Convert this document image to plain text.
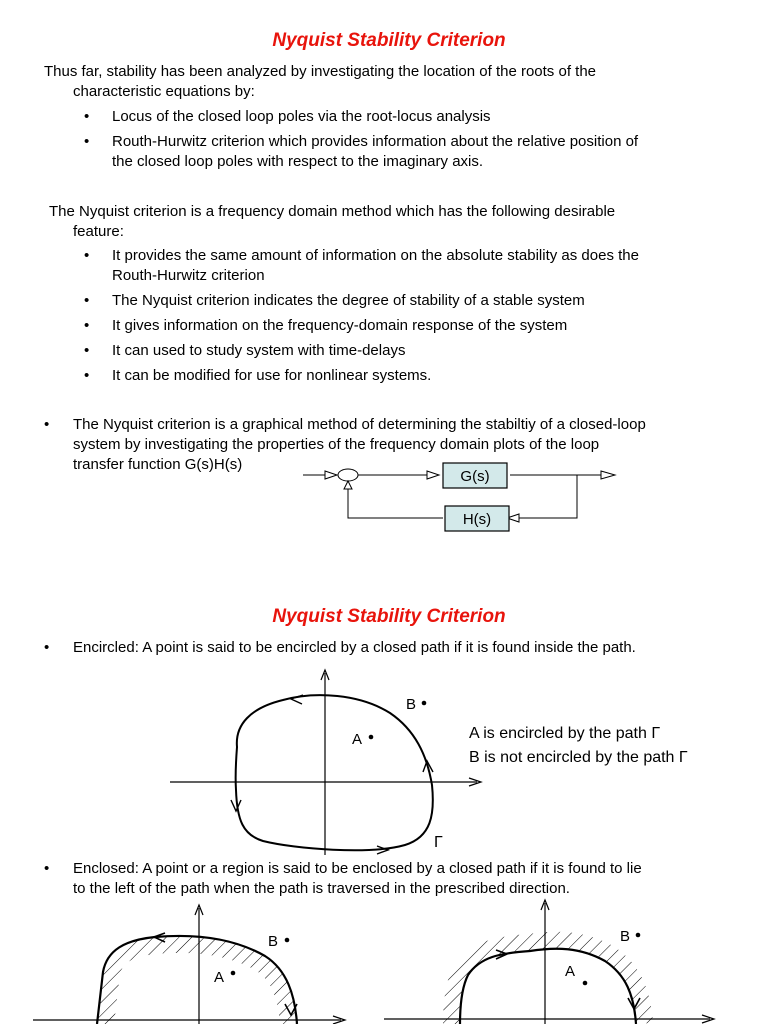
Nyquist Stability Criterion
Thus far, stability has been analyzed by investigating the location of the roots of the
characteristic equations by:
• Locus of the closed loop poles via the root-locus analysis
• Routh-Hurwitz criterion which provides information about the relative position of
the closed loop poles with respect to the imaginary axis.
The Nyquist criterion is a frequency domain method which has the following desirable
feature:
• It provides the same amount of information on the absolute stability as does the
Routh-Hurwitz criterion
• The Nyquist criterion indicates the degree of stability of a stable system
• It gives information on the frequency-domain response of the system
• It can used to study system with time-delays
• It can be modified for use for nonlinear systems.
• The Nyquist criterion is a graphical method of determining the stabiltiy of a closed-loop
system by investigating the properties of the frequency domain plots of the loop
transfer function G(s)H(s)
G(s)
H(s)
Nyquist Stability Criterion
• Encircled: A point is said to be encircled by a closed path if it is found inside the path.
A
B
Γ
A is encircled by the path Γ
B is not encircled by the path Γ
• Enclosed: A point or a region is said to be enclosed by a closed path if it is found to lie
to the left of the path when the path is traversed in the prescribed direction.
A
B
A
B
